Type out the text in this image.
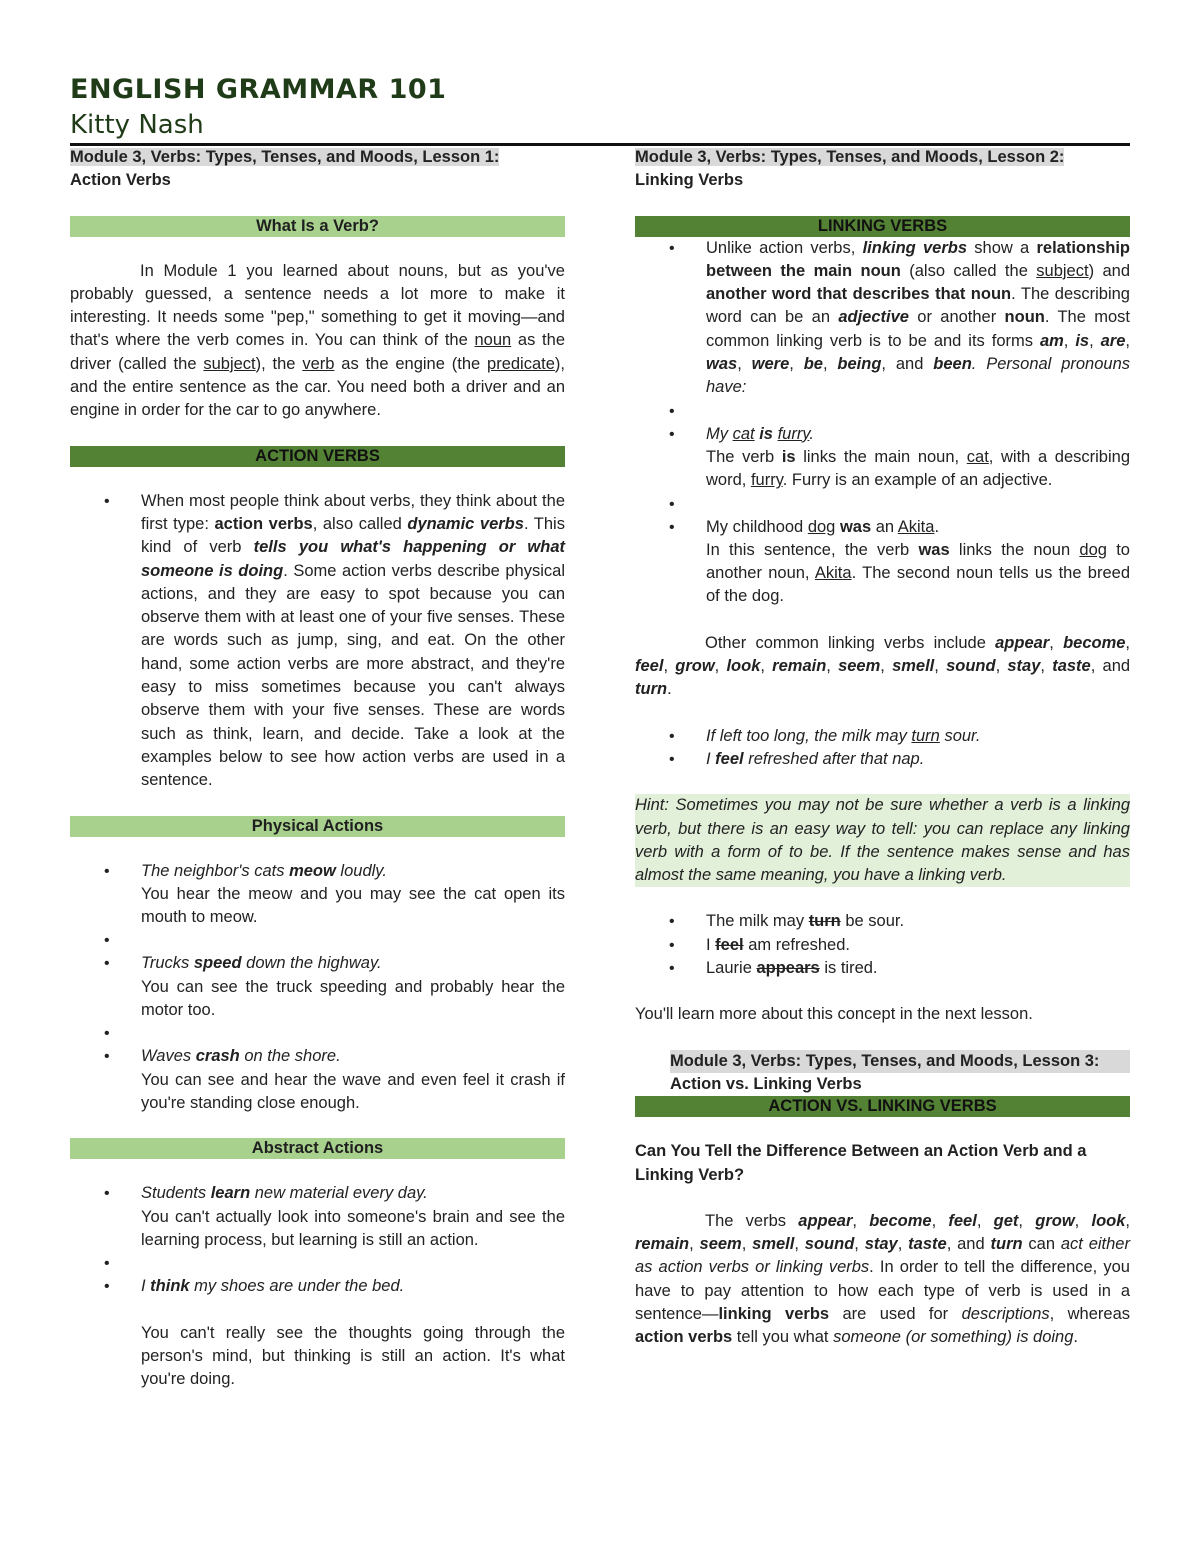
ENGLISH GRAMMAR 101
Kitty Nash
Module 3, Verbs: Types, Tenses, and Moods, Lesson 1:
Action Verbs
What Is a Verb?

In Module 1 you learned about nouns, but as you've probably guessed, a sentence needs a lot more to make it interesting. It needs some "pep," something to get it moving—and that's where the verb comes in. You can think of the noun as the driver (called the subject), the verb as the engine (the predicate), and the entire sentence as the car. You need both a driver and an engine in order for the car to go anywhere.

ACTION VERBS
• When most people think about verbs, they think about the first type: action verbs, also called dynamic verbs. This kind of verb tells you what's happening or what someone is doing. Some action verbs describe physical actions, and they are easy to spot because you can observe them with at least one of your five senses. These are words such as jump, sing, and eat. On the other hand, some action verbs are more abstract, and they're easy to miss sometimes because you can't always observe them with your five senses. These are words such as think, learn, and decide. Take a look at the examples below to see how action verbs are used in a sentence.
Physical Actions
• The neighbor's cats meow loudly.
You hear the meow and you may see the cat open its mouth to meow.
•
• Trucks speed down the highway.
You can see the truck speeding and probably hear the motor too.
•
• Waves crash on the shore.
You can see and hear the wave and even feel it crash if you're standing close enough.
Abstract Actions
• Students learn new material every day.
You can't actually look into someone's brain and see the learning process, but learning is still an action.
•
• I think my shoes are under the bed.

You can't really see the thoughts going through the person's mind, but thinking is still an action. It's what you're doing.
Module 3, Verbs: Types, Tenses, and Moods, Lesson 2:
Linking Verbs
LINKING VERBS
• Unlike action verbs, linking verbs show a relationship between the main noun (also called the subject) and another word that describes that noun. The describing word can be an adjective or another noun. The most common linking verb is to be and its forms am, is, are, was, were, be, being, and been. Personal pronouns have:
•
• My cat is furry.
The verb is links the main noun, cat, with a describing word, furry. Furry is an example of an adjective.
•
• My childhood dog was an Akita.
In this sentence, the verb was links the noun dog to another noun, Akita. The second noun tells us the breed of the dog.

Other common linking verbs include appear, become, feel, grow, look, remain, seem, smell, sound, stay, taste, and turn.

• If left too long, the milk may turn sour.
• I feel refreshed after that nap.

Hint: Sometimes you may not be sure whether a verb is a linking verb, but there is an easy way to tell: you can replace any linking verb with a form of to be. If the sentence makes sense and has almost the same meaning, you have a linking verb.

• The milk may turn be sour.
• I feel am refreshed.
• Laurie appears is tired.

You'll learn more about this concept in the next lesson.

Module 3, Verbs: Types, Tenses, and Moods, Lesson 3:
Action vs. Linking Verbs
ACTION VS. LINKING VERBS

Can You Tell the Difference Between an Action Verb and a Linking Verb?

The verbs appear, become, feel, get, grow, look, remain, seem, smell, sound, stay, taste, and turn can act either as action verbs or linking verbs. In order to tell the difference, you have to pay attention to how each type of verb is used in a sentence—linking verbs are used for descriptions, whereas action verbs tell you what someone (or something) is doing.
